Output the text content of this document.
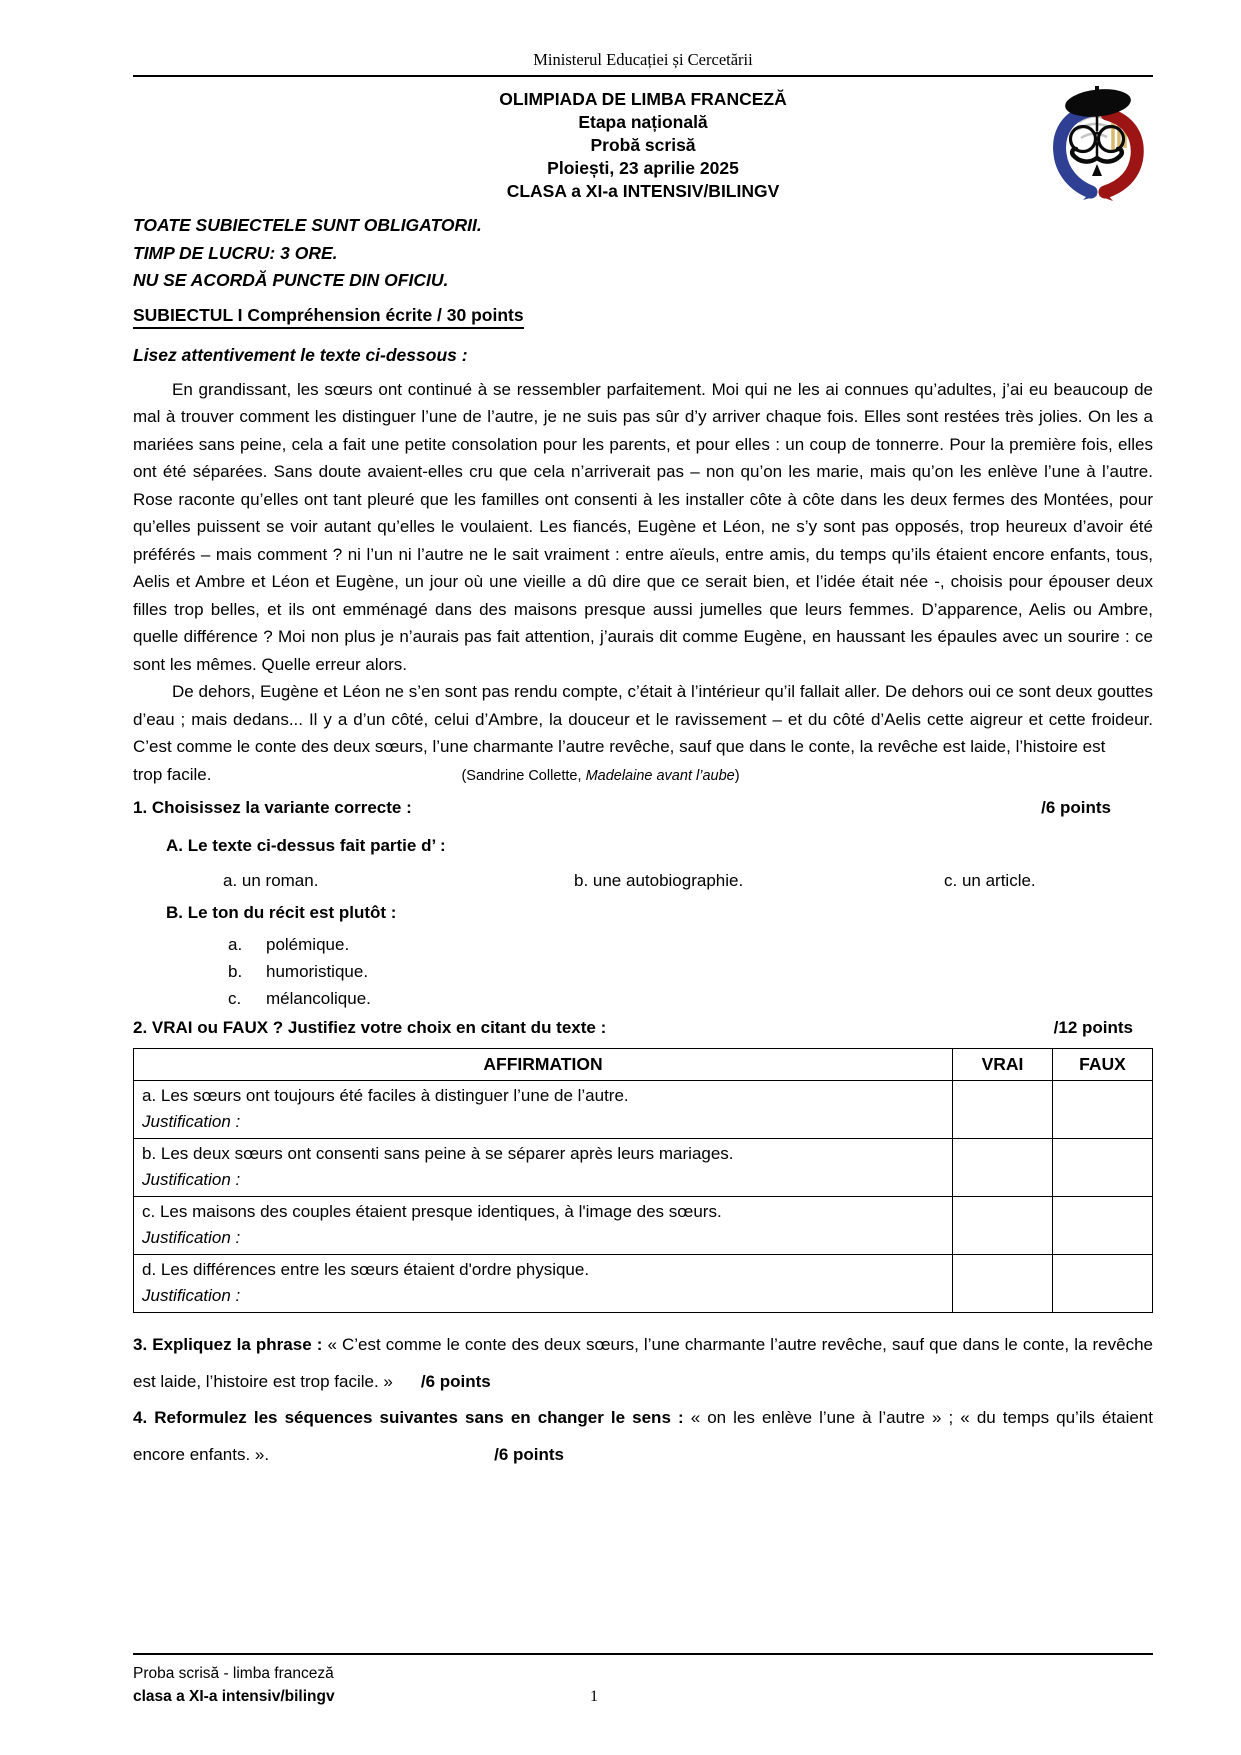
Ministerul Educației și Cercetării
OLIMPIADA DE LIMBA FRANCEZĂ
Etapa națională
Probă scrisă
Ploiești, 23 aprilie 2025
CLASA a XI-a INTENSIV/BILINGV
TOATE SUBIECTELE SUNT OBLIGATORII.
TIMP DE LUCRU: 3 ORE.
NU SE ACORDĂ PUNCTE DIN OFICIU.
SUBIECTUL I Compréhension écrite / 30 points
Lisez attentivement le texte ci-dessous :

En grandissant, les sœurs ont continué à se ressembler parfaitement. Moi qui ne les ai connues qu’adultes, j’ai eu beaucoup de mal à trouver comment les distinguer l’une de l’autre, je ne suis pas sûr d’y arriver chaque fois. Elles sont restées très jolies. On les a mariées sans peine, cela a fait une petite consolation pour les parents, et pour elles : un coup de tonnerre. Pour la première fois, elles ont été séparées. Sans doute avaient-elles cru que cela n’arriverait pas – non qu’on les marie, mais qu’on les enlève l’une à l’autre. Rose raconte qu’elles ont tant pleuré que les familles ont consenti à les installer côte à côte dans les deux fermes des Montées, pour qu’elles puissent se voir autant qu’elles le voulaient. Les fiancés, Eugène et Léon, ne s’y sont pas opposés, trop heureux d’avoir été préférés – mais comment ? ni l’un ni l’autre ne le sait vraiment : entre aïeuls, entre amis, du temps qu’ils étaient encore enfants, tous, Aelis et Ambre et Léon et Eugène, un jour où une vieille a dû dire que ce serait bien, et l’idée était née -, choisis pour épouser deux filles trop belles, et ils ont emménagé dans des maisons presque aussi jumelles que leurs femmes. D’apparence, Aelis ou Ambre, quelle différence ? Moi non plus je n’aurais pas fait attention, j’aurais dit comme Eugène, en haussant les épaules avec un sourire : ce sont les mêmes. Quelle erreur alors.

De dehors, Eugène et Léon ne s’en sont pas rendu compte, c’était à l’intérieur qu’il fallait aller. De dehors oui ce sont deux gouttes d’eau ; mais dedans... Il y a d’un côté, celui d’Ambre, la douceur et le ravissement – et du côté d’Aelis cette aigreur et cette froideur. C’est comme le conte des deux sœurs, l’une charmante l’autre revêche, sauf que dans le conte, la revêche est laide, l’histoire est

trop facile.	(Sandrine Collette, Madelaine avant l’aube)

1. Choisissez la variante correcte :	/6 points
A. Le texte ci-dessus fait partie d’ :
a. un roman.	b. une autobiographie.	c. un article.
B. Le ton du récit est plutôt :
a. polémique.
b. humoristique.
c. mélancolique.
2. VRAI ou FAUX ? Justifiez votre choix en citant du texte :	/12 points
AFFIRMATION	VRAI	FAUX

a. Les sœurs ont toujours été faciles à distinguer l’une de l’autre.
Justification :		

b. Les deux sœurs ont consenti sans peine à se séparer après leurs mariages.
Justification :		

c. Les maisons des couples étaient presque identiques, à l'image des sœurs.
Justification :		

d. Les différences entre les sœurs étaient d'ordre physique.
Justification :		

3. Expliquez la phrase : « C’est comme le conte des deux sœurs, l’une charmante l’autre revêche, sauf que dans le conte, la revêche est laide, l’histoire est trop facile. » /6 points
4. Reformulez les séquences suivantes sans en changer le sens : « on les enlève l’une à l’autre » ; « du temps qu’ils étaient encore enfants. ».	/6 points
Proba scrisă - limba franceză
clasa a XI-a intensiv/bilingv	1
